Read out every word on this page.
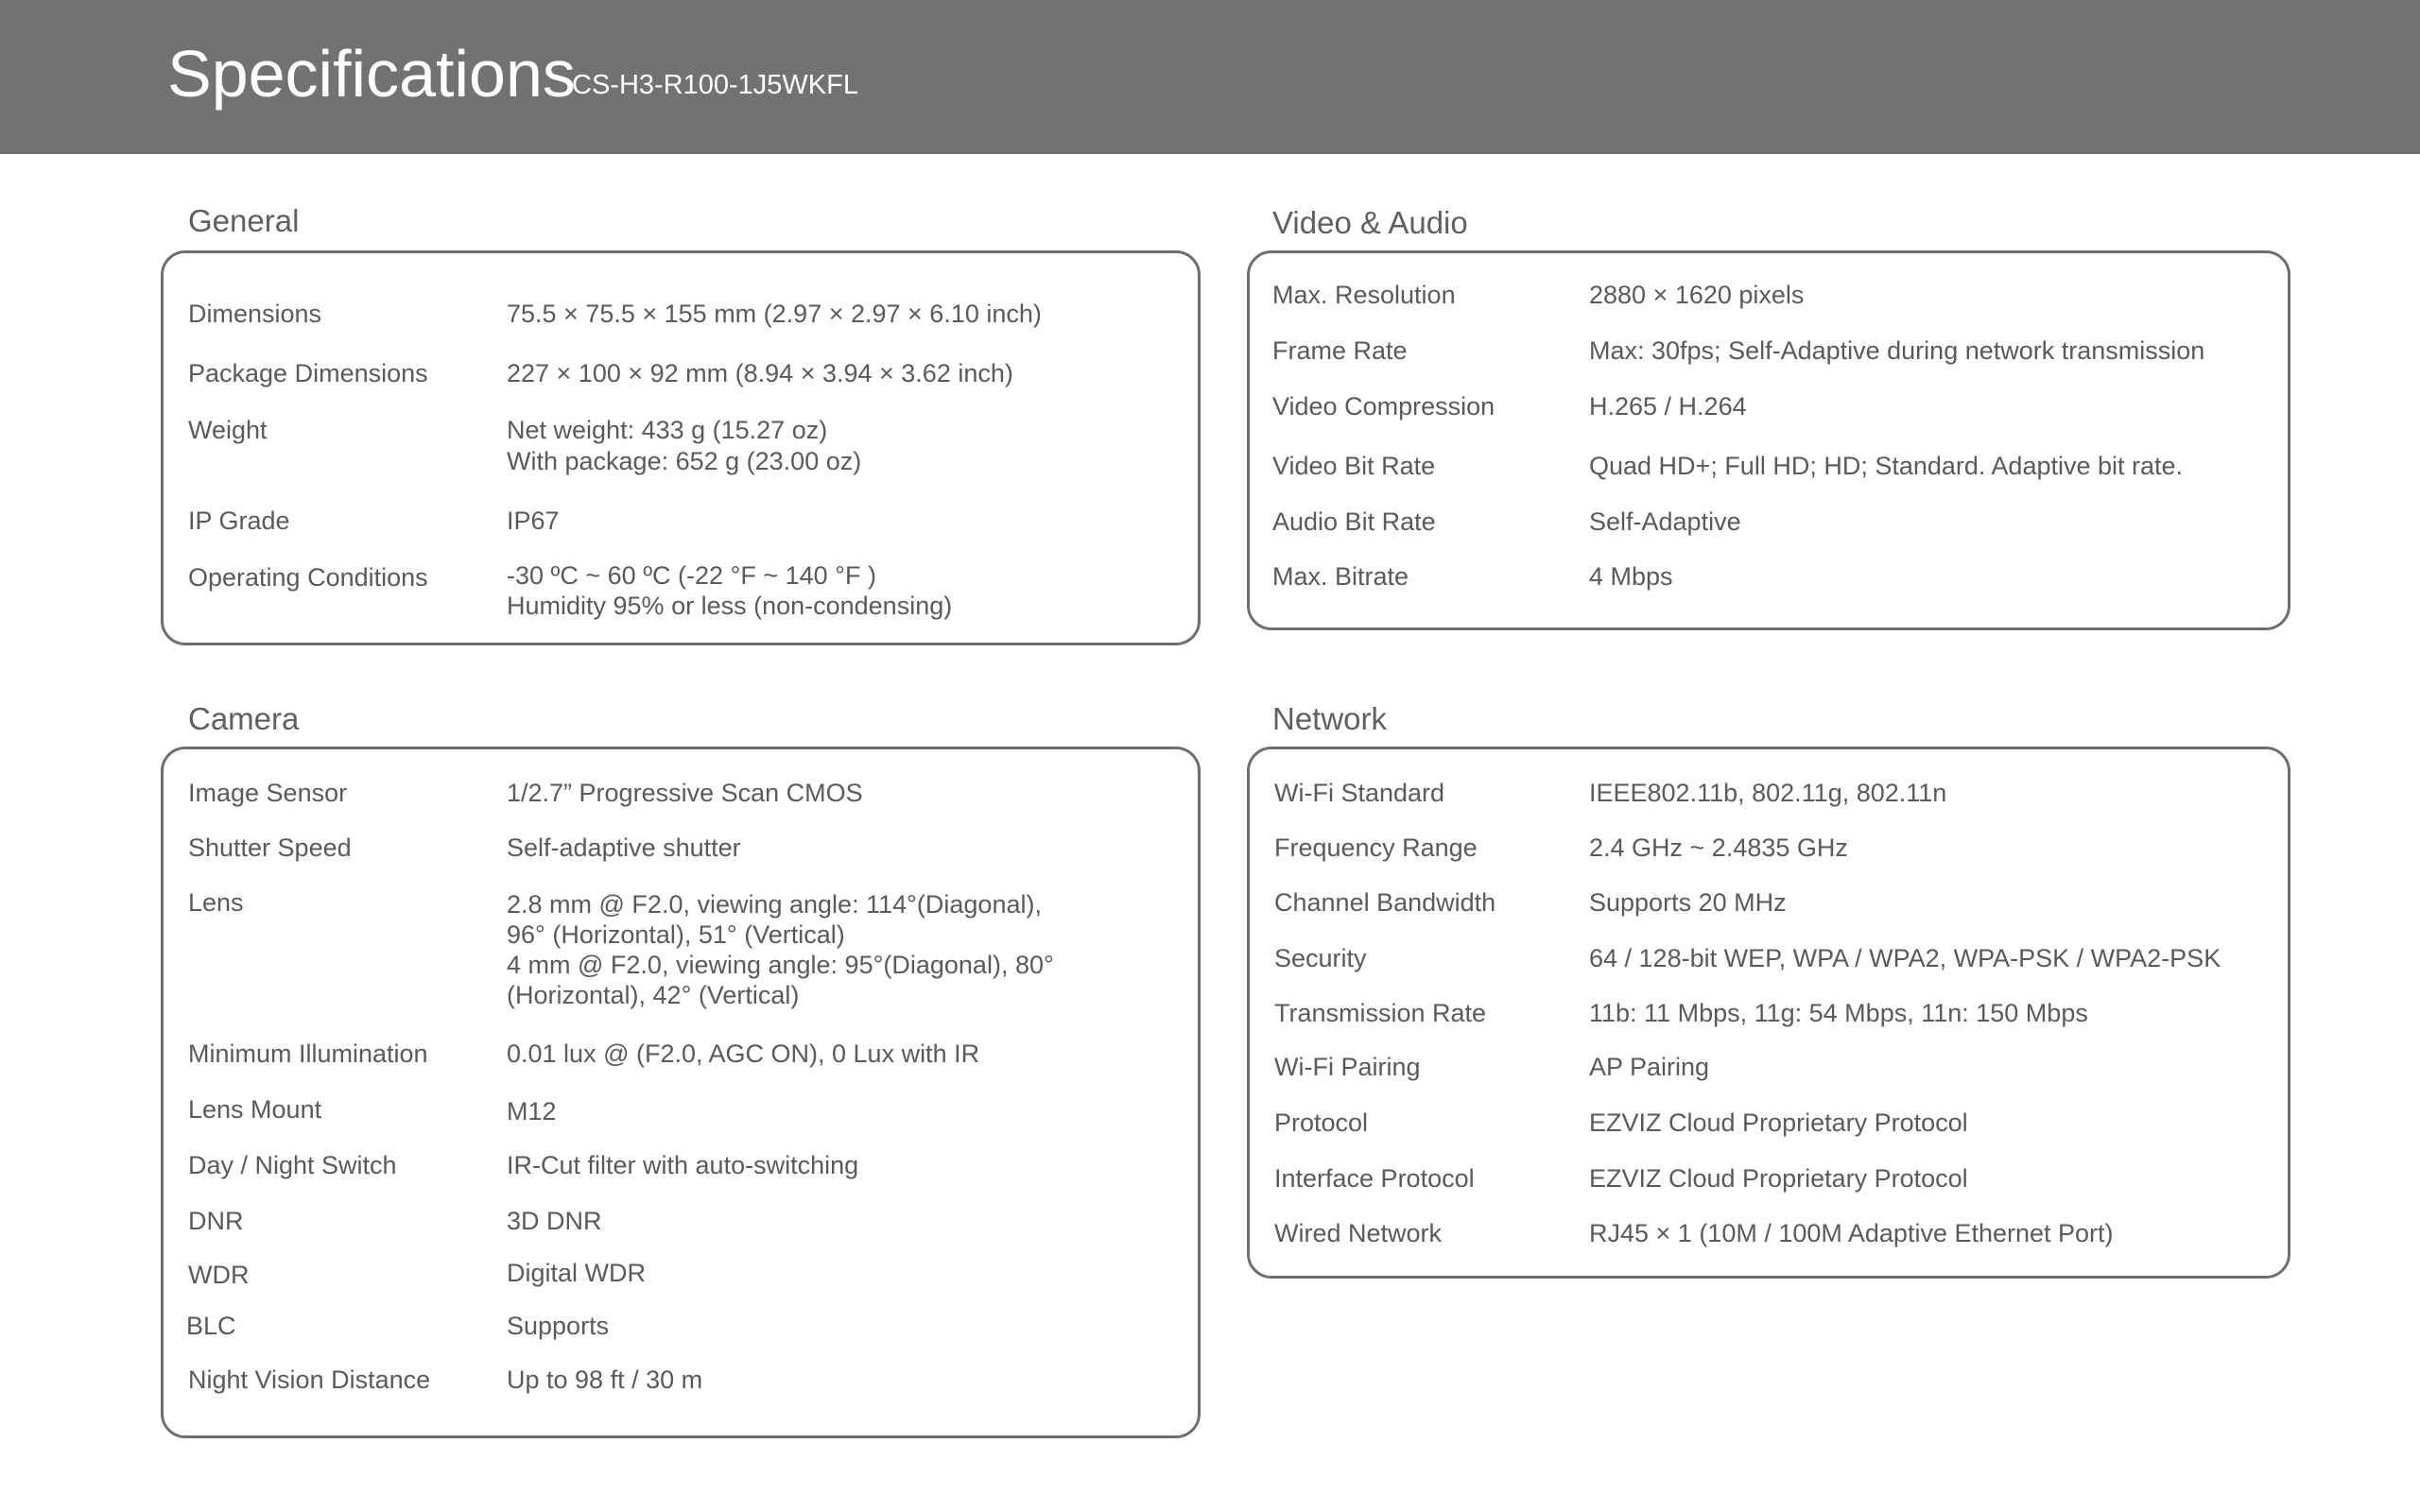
Specifications
CS-H3-R100-1J5WKFL
General	Video & Audio
Camera	Network
Dimensions	75.5 × 75.5 × 155 mm (2.97 × 2.97 × 6.10 inch)
Package Dimensions	227 × 100 × 92 mm (8.94 × 3.94 × 3.62 inch)
Weight	Net weight: 433 g (15.27 oz)
With package: 652 g (23.00 oz)
IP Grade	IP67
Operating Conditions	-30 ºC ~ 60 ºC (-22 °F ~ 140 °F )
Humidity 95% or less (non-condensing)
Max. Resolution	2880 × 1620 pixels
Frame Rate	Max: 30fps; Self-Adaptive during network transmission
Video Compression	H.265 / H.264
Video Bit Rate	Quad HD+; Full HD; HD; Standard. Adaptive bit rate.
Audio Bit Rate	Self-Adaptive
Max. Bitrate	4 Mbps
Image Sensor	1/2.7” Progressive Scan CMOS
Shutter Speed	Self-adaptive shutter
Lens	2.8 mm @ F2.0, viewing angle: 114°(Diagonal),
96° (Horizontal), 51° (Vertical)
4 mm @ F2.0, viewing angle: 95°(Diagonal), 80°
(Horizontal), 42° (Vertical)
Minimum Illumination	0.01 lux @ (F2.0, AGC ON), 0 Lux with IR
Lens Mount	M12
Day / Night Switch	IR-Cut filter with auto-switching
DNR	3D DNR
WDR	Digital WDR
BLC	Supports
Night Vision Distance	Up to 98 ft / 30 m
Wi-Fi Standard	IEEE802.11b, 802.11g, 802.11n
Frequency Range	2.4 GHz ~ 2.4835 GHz
Channel Bandwidth	Supports 20 MHz
Security	64 / 128-bit WEP, WPA / WPA2, WPA-PSK / WPA2-PSK
Transmission Rate	11b: 11 Mbps, 11g: 54 Mbps, 11n: 150 Mbps
Wi-Fi Pairing	AP Pairing
Protocol	EZVIZ Cloud Proprietary Protocol
Interface Protocol	EZVIZ Cloud Proprietary Protocol
Wired Network	RJ45 × 1 (10M / 100M Adaptive Ethernet Port)
